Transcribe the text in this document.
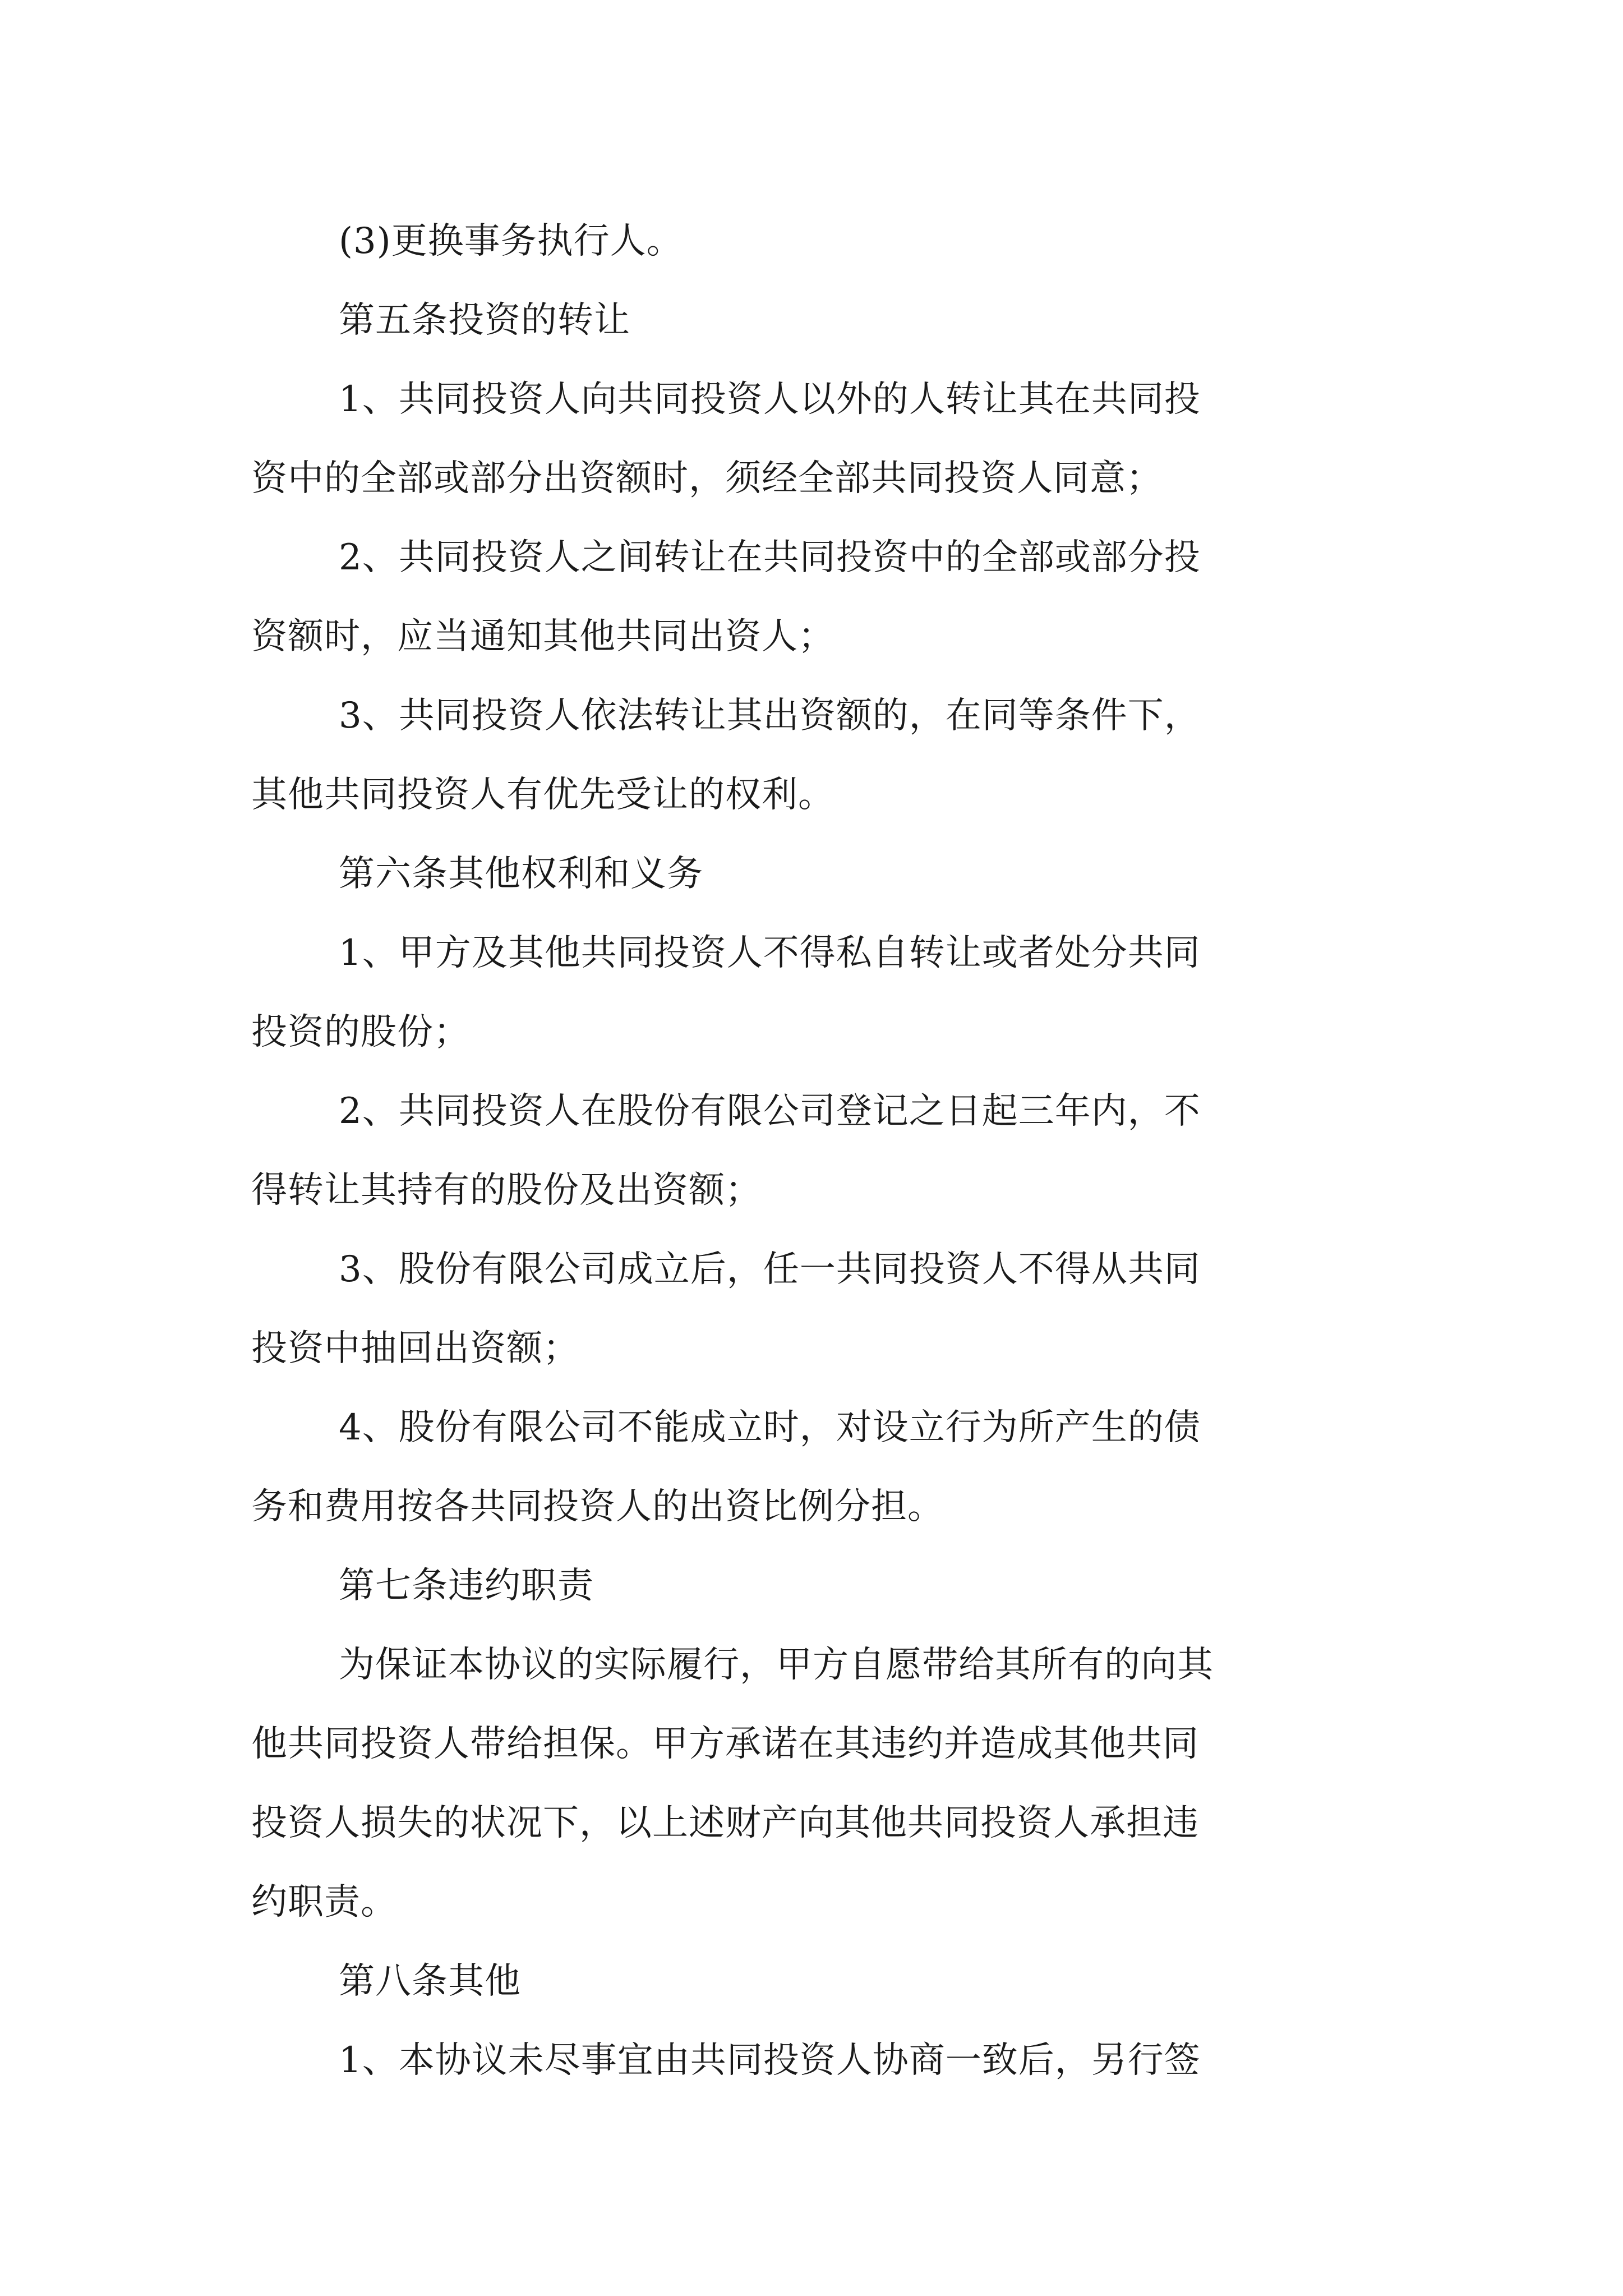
(3)更换事务执行人。
第五条投资的转让
1、共同投资人向共同投资人以外的人转让其在共同投
资中的全部或部分出资额时，须经全部共同投资人同意；
2、共同投资人之间转让在共同投资中的全部或部分投
资额时，应当通知其他共同出资人；
3、共同投资人依法转让其出资额的，在同等条件下，
其他共同投资人有优先受让的权利。
第六条其他权利和义务
1、甲方及其他共同投资人不得私自转让或者处分共同
投资的股份；
2、共同投资人在股份有限公司登记之日起三年内，不
得转让其持有的股份及出资额；
3、股份有限公司成立后，任一共同投资人不得从共同
投资中抽回出资额；
4、股份有限公司不能成立时，对设立行为所产生的债
务和费用按各共同投资人的出资比例分担。
第七条违约职责
为保证本协议的实际履行，甲方自愿带给其所有的向其
他共同投资人带给担保。甲方承诺在其违约并造成其他共同
投资人损失的状况下，以上述财产向其他共同投资人承担违
约职责。
第八条其他
1、本协议未尽事宜由共同投资人协商一致后，另行签
